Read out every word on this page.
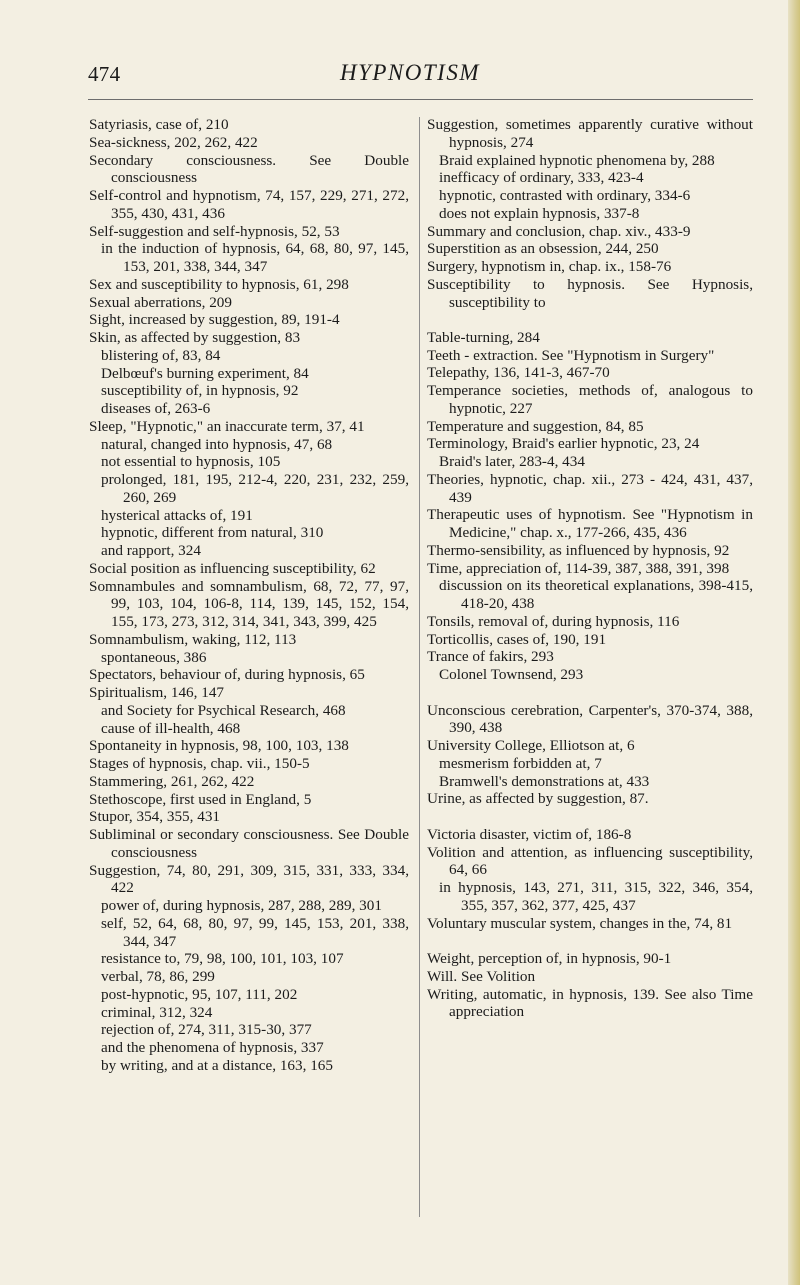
474	HYPNOTISM
Satyriasis, case of, 210
Sea-sickness, 202, 262, 422
Secondary consciousness. See Double consciousness
Self-control and hypnotism, 74, 157, 229, 271, 272, 355, 430, 431, 436
Self-suggestion and self-hypnosis, 52, 53
in the induction of hypnosis, 64, 68, 80, 97, 145, 153, 201, 338, 344, 347
Sex and susceptibility to hypnosis, 61, 298
Sexual aberrations, 209
Sight, increased by suggestion, 89, 191-4
Skin, as affected by suggestion, 83
blistering of, 83, 84
Delbœuf's burning experiment, 84
susceptibility of, in hypnosis, 92
diseases of, 263-6
Sleep, "Hypnotic," an inaccurate term, 37, 41
natural, changed into hypnosis, 47, 68
not essential to hypnosis, 105
prolonged, 181, 195, 212-4, 220, 231, 232, 259, 260, 269
hysterical attacks of, 191
hypnotic, different from natural, 310
and rapport, 324
Social position as influencing susceptibility, 62
Somnambules and somnambulism, 68, 72, 77, 97, 99, 103, 104, 106-8, 114, 139, 145, 152, 154, 155, 173, 273, 312, 314, 341, 343, 399, 425
Somnambulism, waking, 112, 113
spontaneous, 386
Spectators, behaviour of, during hypnosis, 65
Spiritualism, 146, 147
and Society for Psychical Research, 468
cause of ill-health, 468
Spontaneity in hypnosis, 98, 100, 103, 138
Stages of hypnosis, chap. vii., 150-5
Stammering, 261, 262, 422
Stethoscope, first used in England, 5
Stupor, 354, 355, 431
Subliminal or secondary consciousness. See Double consciousness
Suggestion, 74, 80, 291, 309, 315, 331, 333, 334, 422
power of, during hypnosis, 287, 288, 289, 301
self, 52, 64, 68, 80, 97, 99, 145, 153, 201, 338, 344, 347
resistance to, 79, 98, 100, 101, 103, 107
verbal, 78, 86, 299
post-hypnotic, 95, 107, 111, 202
criminal, 312, 324
rejection of, 274, 311, 315-30, 377
and the phenomena of hypnosis, 337
by writing, and at a distance, 163, 165
Suggestion, sometimes apparently curative without hypnosis, 274
Braid explained hypnotic phenomena by, 288
inefficacy of ordinary, 333, 423-4
hypnotic, contrasted with ordinary, 334-6
does not explain hypnosis, 337-8
Summary and conclusion, chap. xiv., 433-9
Superstition as an obsession, 244, 250
Surgery, hypnotism in, chap. ix., 158-76
Susceptibility to hypnosis. See Hypnosis, susceptibility to
Table-turning, 284
Teeth - extraction. See "Hypnotism in Surgery"
Telepathy, 136, 141-3, 467-70
Temperance societies, methods of, analogous to hypnotic, 227
Temperature and suggestion, 84, 85
Terminology, Braid's earlier hypnotic, 23, 24
Braid's later, 283-4, 434
Theories, hypnotic, chap. xii., 273 - 424, 431, 437, 439
Therapeutic uses of hypnotism. See "Hypnotism in Medicine," chap. x., 177-266, 435, 436
Thermo-sensibility, as influenced by hypnosis, 92
Time, appreciation of, 114-39, 387, 388, 391, 398
discussion on its theoretical explanations, 398-415, 418-20, 438
Tonsils, removal of, during hypnosis, 116
Torticollis, cases of, 190, 191
Trance of fakirs, 293
Colonel Townsend, 293
Unconscious cerebration, Carpenter's, 370-374, 388, 390, 438
University College, Elliotson at, 6
mesmerism forbidden at, 7
Bramwell's demonstrations at, 433
Urine, as affected by suggestion, 87.
Victoria disaster, victim of, 186-8
Volition and attention, as influencing susceptibility, 64, 66
in hypnosis, 143, 271, 311, 315, 322, 346, 354, 355, 357, 362, 377, 425, 437
Voluntary muscular system, changes in the, 74, 81
Weight, perception of, in hypnosis, 90-1
Will. See Volition
Writing, automatic, in hypnosis, 139. See also Time appreciation
